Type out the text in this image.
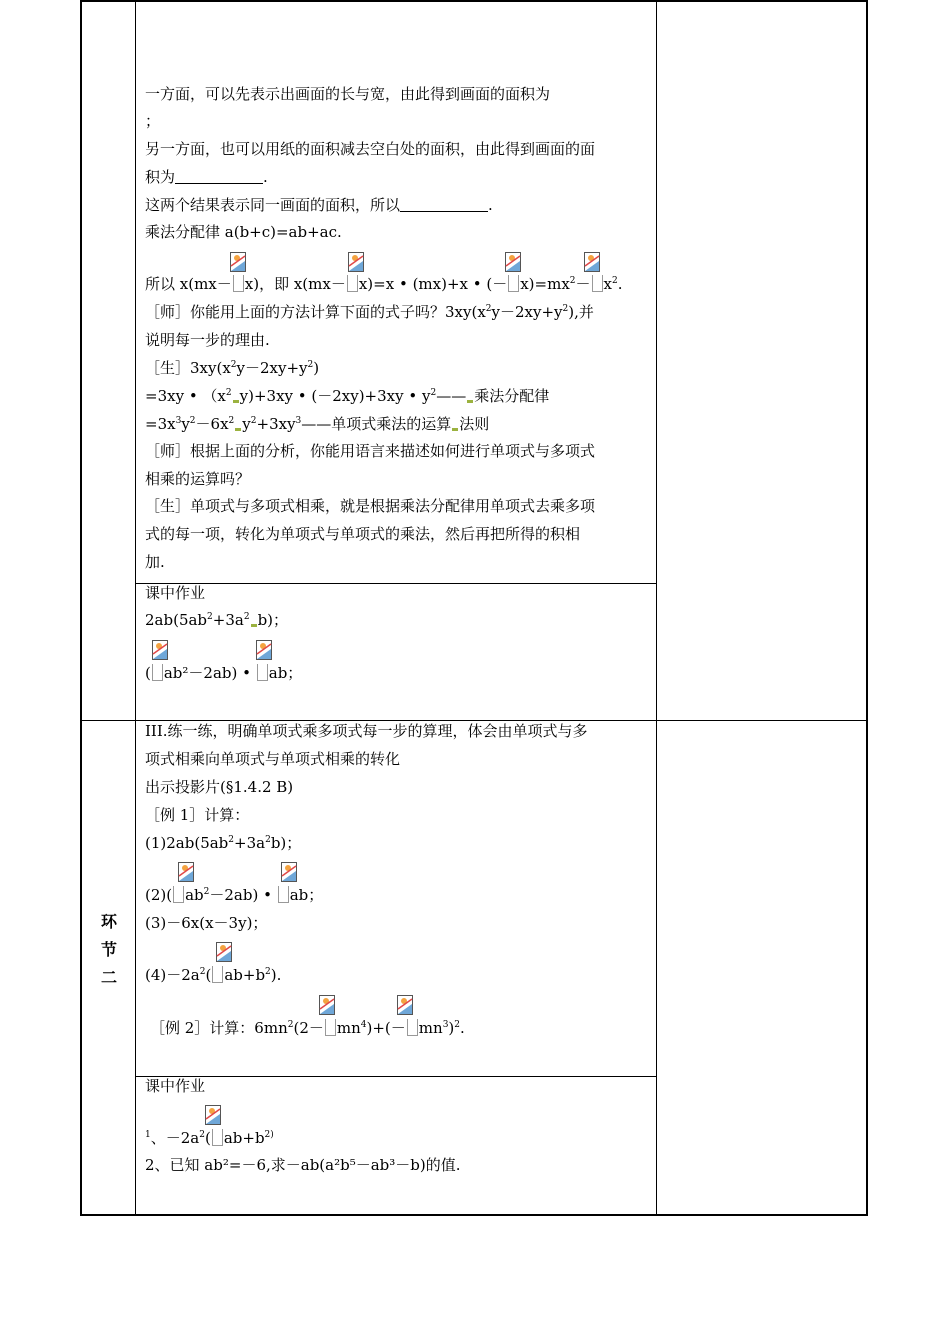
环
节
二
一方面，可以先表示出画面的长与宽，由此得到画面的面积为
；
另一方面，也可以用纸的面积减去空白处的面积，由此得到画面的面
积为	.
这两个结果表示同一画面的面积，所以	.
乘法分配律 a(b+c)=ab+ac.
所以 x(mx－ x)，即 x(mx－ x)=x • (mx)+x • (－ $x)=mx^2- x^2$.
［师］你能用上面的方法计算下面的式子吗？$3xy(x^2y-2xy+y^2)$,并
说明每一步的理由.
［生$]3xy(x^2y-2xy+y^2)$
=3xy • （$x^2$ y)+3xy • (－2xy)+3xy • $y^2——$ 乘法分配律
$=3x^3y^2-6x^2$ $y^2+3xy^3——$单项式乘法的运算 法则
［师］根据上面的分析，你能用语言来描述如何进行单项式与多项式
相乘的运算吗？
［生］单项式与多项式相乘，就是根据乘法分配律用单项式去乘多项
式的每一项，转化为单项式与单项式的乘法，然后再把所得的积相
加.
课中作业
$2ab(5ab^2+3a^2$ b)；
( ab²－2ab) • ab；
III.练一练，明确单项式乘多项式每一步的算理，体会由单项式与多
项式相乘向单项式与单项式相乘的转化
出示投影片(§1.4.2 B)
［例 1］计算：
$(1)2ab(5ab^2+3a^2b)$；
(2)( $ab^2-2ab$) • ab；
(3)－6x(x－3y)；
$(4)-2a^2$( $ab+b^2$).
［例 2］计算：$6mn^2(2- mn^4)+(- mn^3)^2$.
课中作业
$^1$、$-2a^2$( $ab+b^{2)}$
2、已知 ab²=－6,求－ab(a²b⁵－ab³－b)的值.
